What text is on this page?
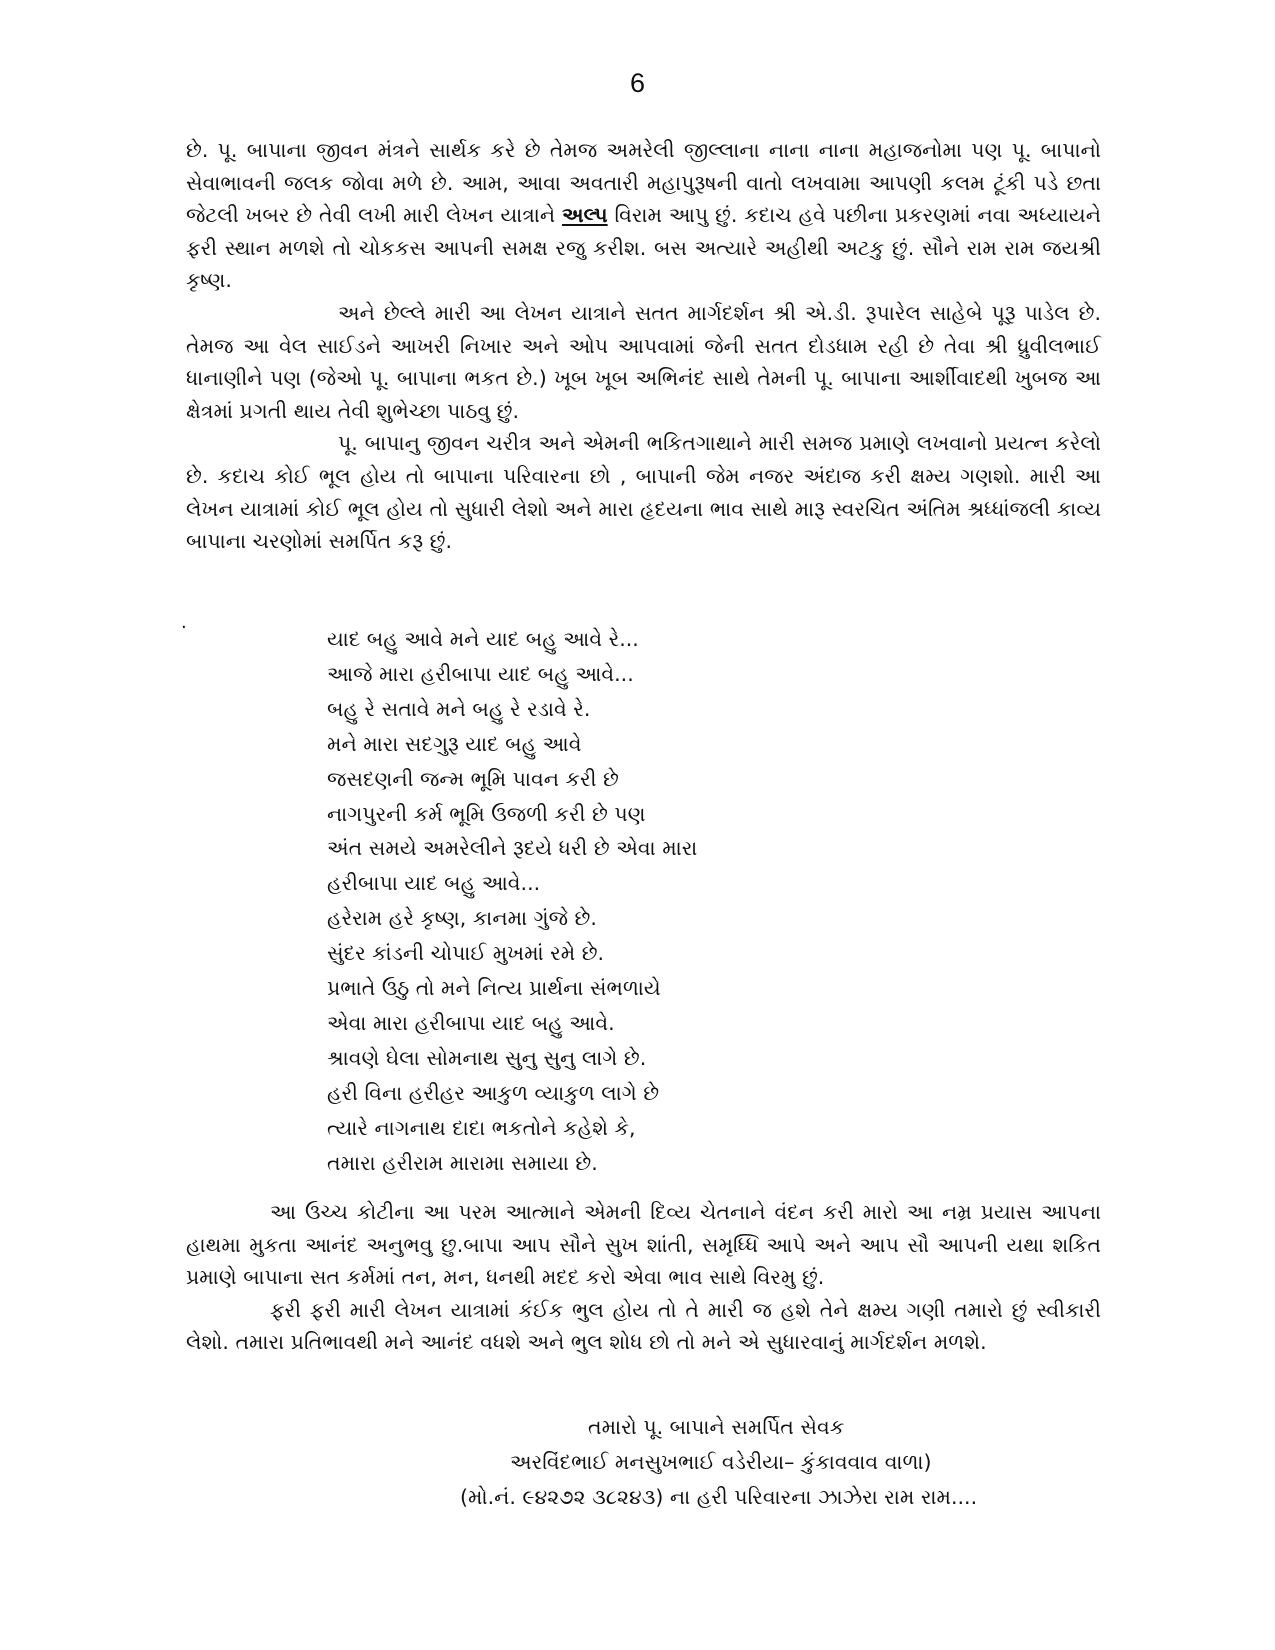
6

છે. પૂ. બાપાના જીવન મંત્રને સાર્થક કરે છે તેમજ અમરેલી જીલ્લાના નાના નાના મહાજનોમા પણ પૂ. બાપાનો સેવાભાવની જલક જોવા મળે છે. આમ, આવા અવતારી મહાપુરૂષની વાતો લખવામા આપણી કલમ ટૂંકી પડે છતા જેટલી ખબર છે તેવી લખી મારી લેખન યાત્રાને અલ્પ વિરામ આપુ છું. કદાચ હવે પછીના પ્રકરણમાં નવા અધ્યાયને ફરી સ્થાન મળશે તો ચોકકસ આપની સમક્ષ રજુ કરીશ. બસ અત્યારે અહીથી અટકુ છું. સૌને રામ રામ જયશ્રી કૃષ્ણ.

અને છેલ્લે મારી આ લેખન યાત્રાને સતત માર્ગદર્શન શ્રી એ.ડી. રૂપારેલ સાહેબે પૂરૂ પાડેલ છે. તેમજ આ વેલ સાઈડને આખરી નિખાર અને ઓપ આપવામાં જેની સતત દોડધામ રહી છે તેવા શ્રી ધ્રુવીલભાઈ ધાનાણીને પણ (જેઓ પૂ. બાપાના ભકત છે.) ખૂબ ખૂબ અભિનંદ સાથે તેમની પૂ. બાપાના આર્શીવાદથી ખુબજ આ ક્ષેત્રમાં પ્રગતી થાય તેવી શુભેચ્છા પાઠવુ છું.

પૂ. બાપાનુ જીવન ચરીત્ર અને એમની ભકિતગાથાને મારી સમજ પ્રમાણે લખવાનો પ્રયત્ન કરેલો છે. કદાચ કોઈ ભૂલ હોય તો બાપાના પરિવારના છો , બાપાની જેમ નજર અંદાજ કરી ક્ષમ્ય ગણશો. મારી આ લેખન યાત્રામાં કોઈ ભૂલ હોય તો સુધારી લેશો અને મારા હૃદયના ભાવ સાથે મારૂ સ્વરચિત અંતિમ શ્રધ્ધાંજલી કાવ્ય બાપાના ચરણોમાં સમર્પિત કરૂ છું.

.
યાદ બહુ આવે મને યાદ બહુ આવે રે...
આજે મારા હરીબાપા યાદ બહુ આવે...
બહુ રે સતાવે મને બહુ રે રડાવે રે.
મને મારા સદગુરૂ યાદ બહુ આવે
જસદણની જન્મ ભૂમિ પાવન કરી છે
નાગપુરની કર્મ ભૂમિ ઉજળી કરી છે પણ
અંત સમયે અમરેલીને રૂદયે ધરી છે એવા મારા
હરીબાપા યાદ બહુ આવે...
હરેરામ હરે કૃષ્ણ, કાનમા ગુંજે છે.
સુંદર કાંડની ચોપાઈ મુખમાં રમે છે.
પ્રભાતે ઉઠુ તો મને નિત્ય પ્રાર્થના સંભળાયે
એવા મારા હરીબાપા યાદ બહુ આવે.
શ્રાવણે ઘેલા સોમનાથ સુનુ સુનુ લાગે છે.
હરી વિના હરીહર આકુળ વ્યાકુળ લાગે છે
ત્યારે નાગનાથ દાદા ભકતોને કહેશે કે,
તમારા હરીરામ મારામા સમાયા છે.

આ ઉચ્ચ કોટીના આ પરમ આત્માને એમની દિવ્ય ચેતનાને વંદન કરી મારો આ નમ્ર પ્રયાસ આપના હાથમા મુકતા આનંદ અનુભવુ છુ.બાપા આપ સૌને સુખ શાંતી, સમૃધ્ધિ આપે અને આપ સૌ આપની યથા શકિત પ્રમાણે બાપાના સત કર્મમાં તન, મન, ધનથી મદદ કરો એવા ભાવ સાથે વિરમુ છું.

ફરી ફરી મારી લેખન યાત્રામાં કંઈક ભુલ હોય તો તે મારી જ હશે તેને ક્ષમ્ય ગણી તમારો છું સ્વીકારી લેશો. તમારા પ્રતિભાવથી મને આનંદ વધશે અને ભુલ શોધ છો તો મને એ સુધારવાનું માર્ગદર્શન મળશે.

તમારો પૂ. બાપાને સમર્પિત સેવક
અરવિંદભાઈ મનસુખભાઈ વડેરીયા– કુંકાવવાવ વાળા)
(મો.નં. ૯૪૨૭૨ ૩૮૨૪૩) ના હરી પરિવારના ઝાઝેરા રામ રામ....
